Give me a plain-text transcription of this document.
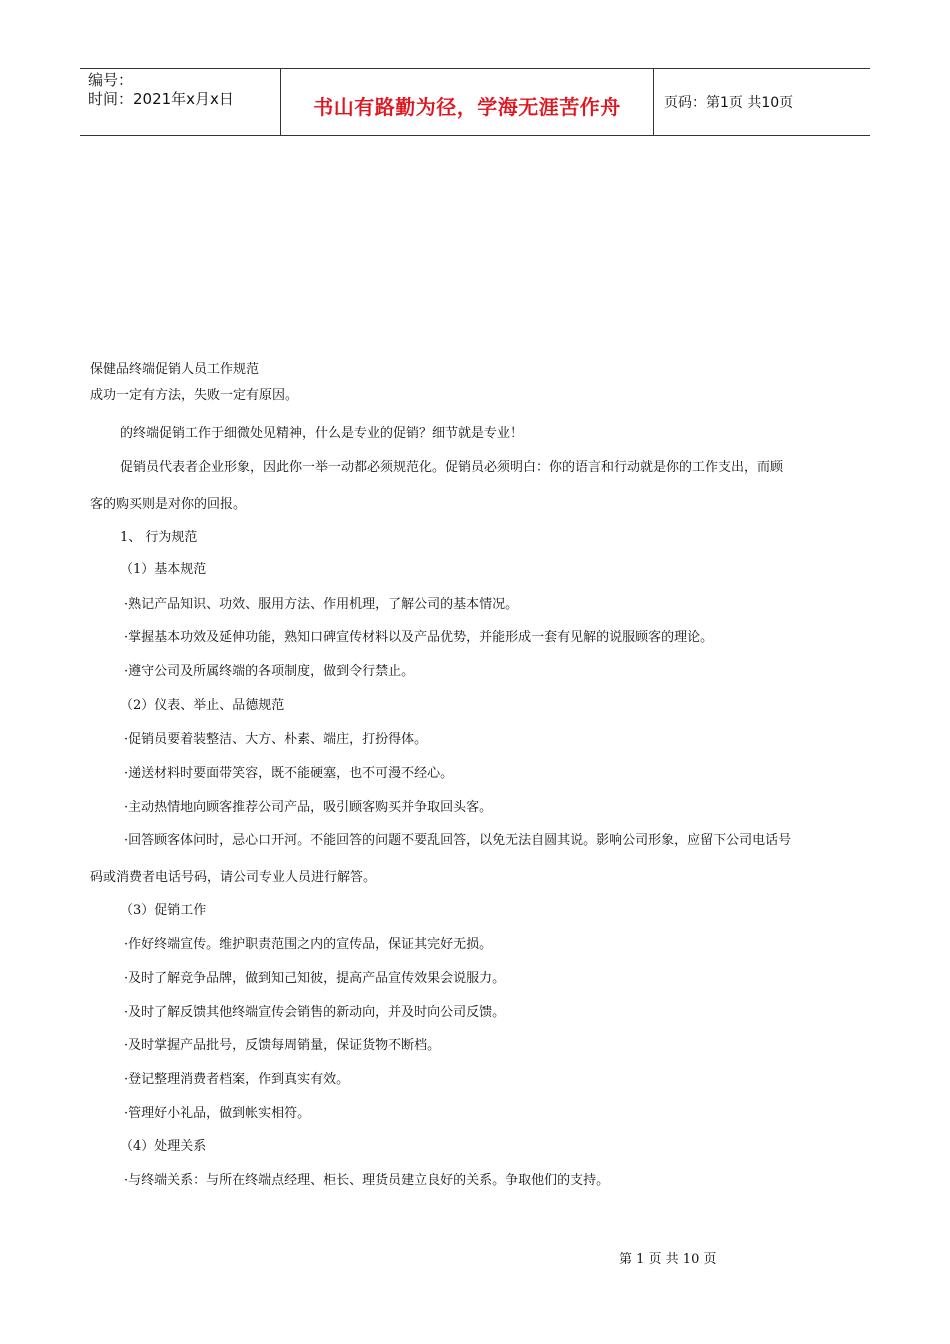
编号：
时间：2021年x月x日	书山有路勤为径，学海无涯苦作舟	页码：第1页 共10页
保健品终端促销人员工作规范
成功一定有方法，失败一定有原因。
的终端促销工作于细微处见精神，什么是专业的促销？细节就是专业！
促销员代表者企业形象，因此你一举一动都必须规范化。促销员必须明白：你的语言和行动就是你的工作支出，而顾
客的购买则是对你的回报。
1、 行为规范
（1）基本规范
·熟记产品知识、功效、服用方法、作用机理，了解公司的基本情况。
·掌握基本功效及延伸功能，熟知口碑宣传材料以及产品优势，并能形成一套有见解的说服顾客的理论。
·遵守公司及所属终端的各项制度，做到令行禁止。
（2）仪表、举止、品德规范
·促销员要着装整洁、大方、朴素、端庄，打扮得体。
·递送材料时要面带笑容，既不能硬塞，也不可漫不经心。
·主动热情地向顾客推荐公司产品，吸引顾客购买并争取回头客。
·回答顾客体问时，忌心口开河。不能回答的问题不要乱回答，以免无法自圆其说。影响公司形象，应留下公司电话号
码或消费者电话号码，请公司专业人员进行解答。
（3）促销工作
·作好终端宣传。维护职责范围之内的宣传品，保证其完好无损。
·及时了解竞争品牌，做到知己知彼，提高产品宣传效果会说服力。
·及时了解反馈其他终端宣传会销售的新动向，并及时向公司反馈。
·及时掌握产品批号，反馈每周销量，保证货物不断档。
·登记整理消费者档案，作到真实有效。
·管理好小礼品，做到帐实相符。
（4）处理关系
·与终端关系：与所在终端点经理、柜长、理货员建立良好的关系。争取他们的支持。
第 1 页 共 10 页
